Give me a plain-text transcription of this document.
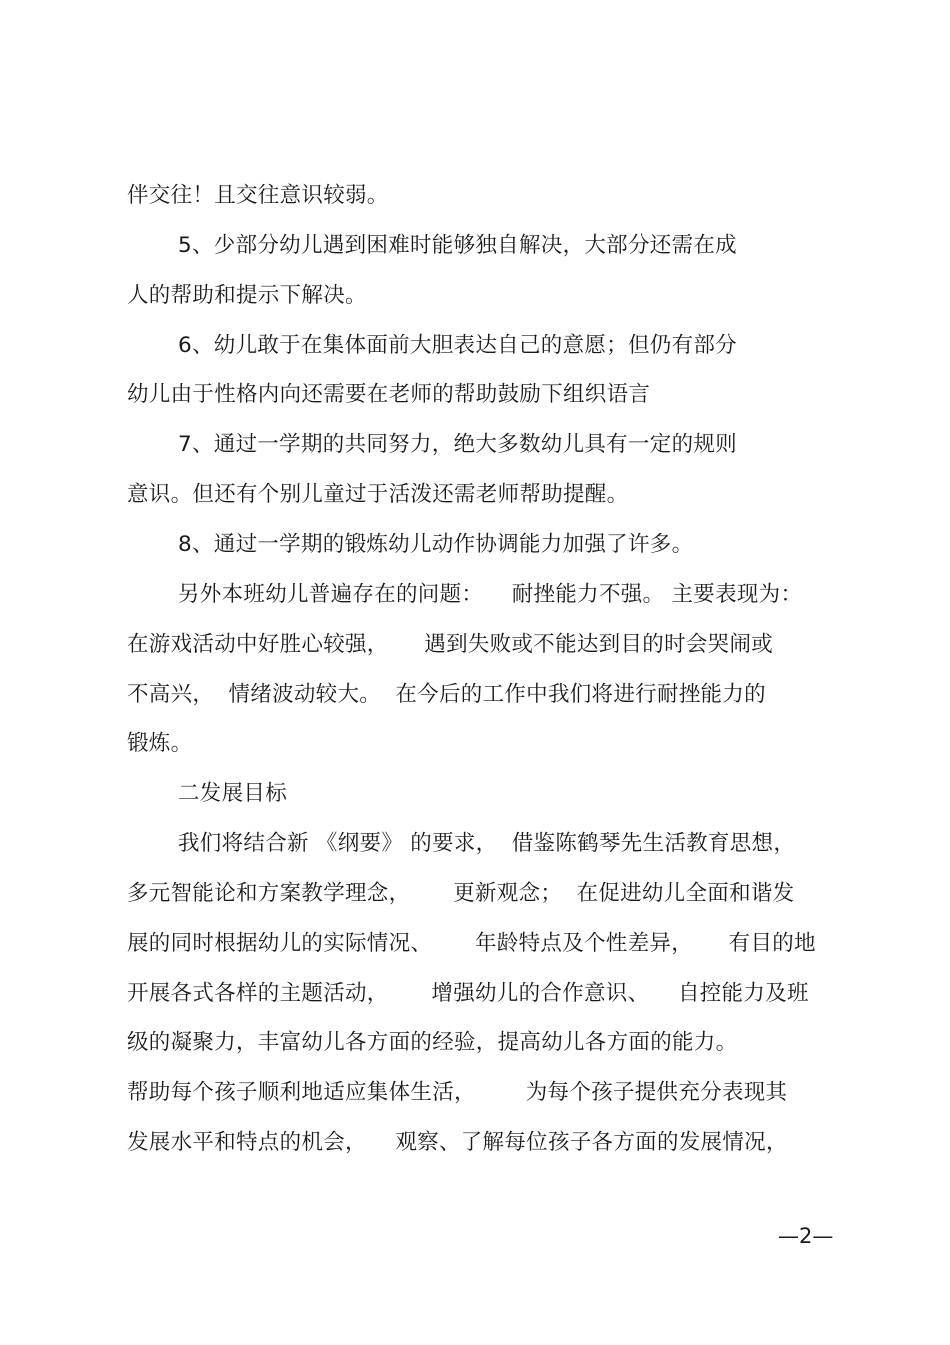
伴交往！且交往意识较弱。
5、少部分幼儿遇到困难时能够独自解决，大部分还需在成
人的帮助和提示下解决。
6、幼儿敢于在集体面前大胆表达自己的意愿；但仍有部分
幼儿由于性格内向还需要在老师的帮助鼓励下组织语言
7、通过一学期的共同努力，绝大多数幼儿具有一定的规则
意识。但还有个别儿童过于活泼还需老师帮助提醒。
8、通过一学期的锻炼幼儿动作协调能力加强了许多。
另外本班幼儿普遍存在的问题：    耐挫能力不强。 主要表现为：
在游戏活动中好胜心较强，     遇到失败或不能达到目的时会哭闹或
不高兴，  情绪波动较大。  在今后的工作中我们将进行耐挫能力的
锻炼。
二发展目标
我们将结合新 《纲要》 的要求，  借鉴陈鹤琴先生活教育思想，
多元智能论和方案教学理念，      更新观念；  在促进幼儿全面和谐发
展的同时根据幼儿的实际情况、      年龄特点及个性差异，     有目的地
开展各式各样的主题活动，      增强幼儿的合作意识、    自控能力及班
级的凝聚力，丰富幼儿各方面的经验，提高幼儿各方面的能力。
帮助每个孩子顺利地适应集体生活，       为每个孩子提供充分表现其
发展水平和特点的机会，    观察、了解每位孩子各方面的发展情况，
—2—
